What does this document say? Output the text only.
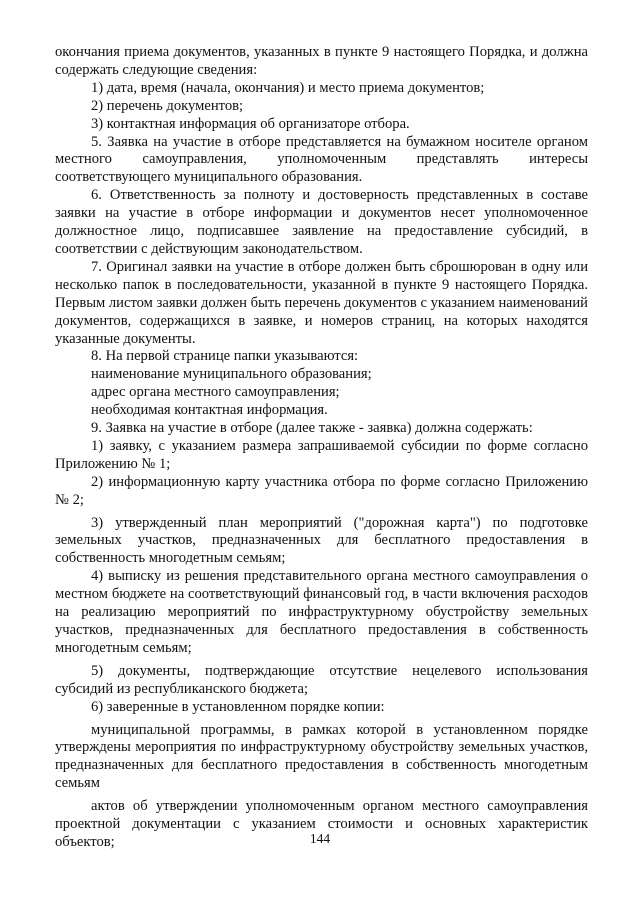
окончания приема документов, указанных в пункте 9 настоящего Порядка, и должна содержать следующие сведения:

1) дата, время (начала, окончания) и место приема документов;

2) перечень документов;

3) контактная информация об организаторе отбора.

5. Заявка на участие в отборе представляется на бумажном носителе органом местного самоуправления, уполномоченным представлять интересы соответствующего муниципального образования.

6. Ответственность за полноту и достоверность представленных в составе заявки на участие в отборе информации и документов несет уполномоченное должностное лицо, подписавшее заявление на предоставление субсидий, в соответствии с действующим законодательством.

7. Оригинал заявки на участие в отборе должен быть сброшюрован в одну или несколько папок в последовательности, указанной в пункте 9 настоящего Порядка. Первым листом заявки должен быть перечень документов с указанием наименований документов, содержащихся в заявке, и номеров страниц, на которых находятся указанные документы.

8. На первой странице папки указываются:

наименование муниципального образования;

адрес органа местного самоуправления;

необходимая контактная информация.

9. Заявка на участие в отборе (далее также - заявка) должна содержать:

1) заявку, с указанием размера запрашиваемой субсидии по форме согласно Приложению № 1;

2) информационную карту участника отбора по форме согласно Приложению № 2;

3) утвержденный план мероприятий ("дорожная карта") по подготовке земельных участков, предназначенных для бесплатного предоставления в собственность многодетным семьям;

4) выписку из решения представительного органа местного самоуправления о местном бюджете на соответствующий финансовый год, в части включения расходов на реализацию мероприятий по инфраструктурному обустройству земельных участков, предназначенных для бесплатного предоставления в собственность многодетным семьям;

5) документы, подтверждающие отсутствие нецелевого использования субсидий из республиканского бюджета;

6) заверенные в установленном порядке копии:

муниципальной программы, в рамках которой в установленном порядке утверждены мероприятия по инфраструктурному обустройству земельных участков, предназначенных для бесплатного предоставления в собственность многодетным семьям

актов об утверждении уполномоченным органом местного самоуправления проектной документации с указанием стоимости и основных характеристик объектов;	144
